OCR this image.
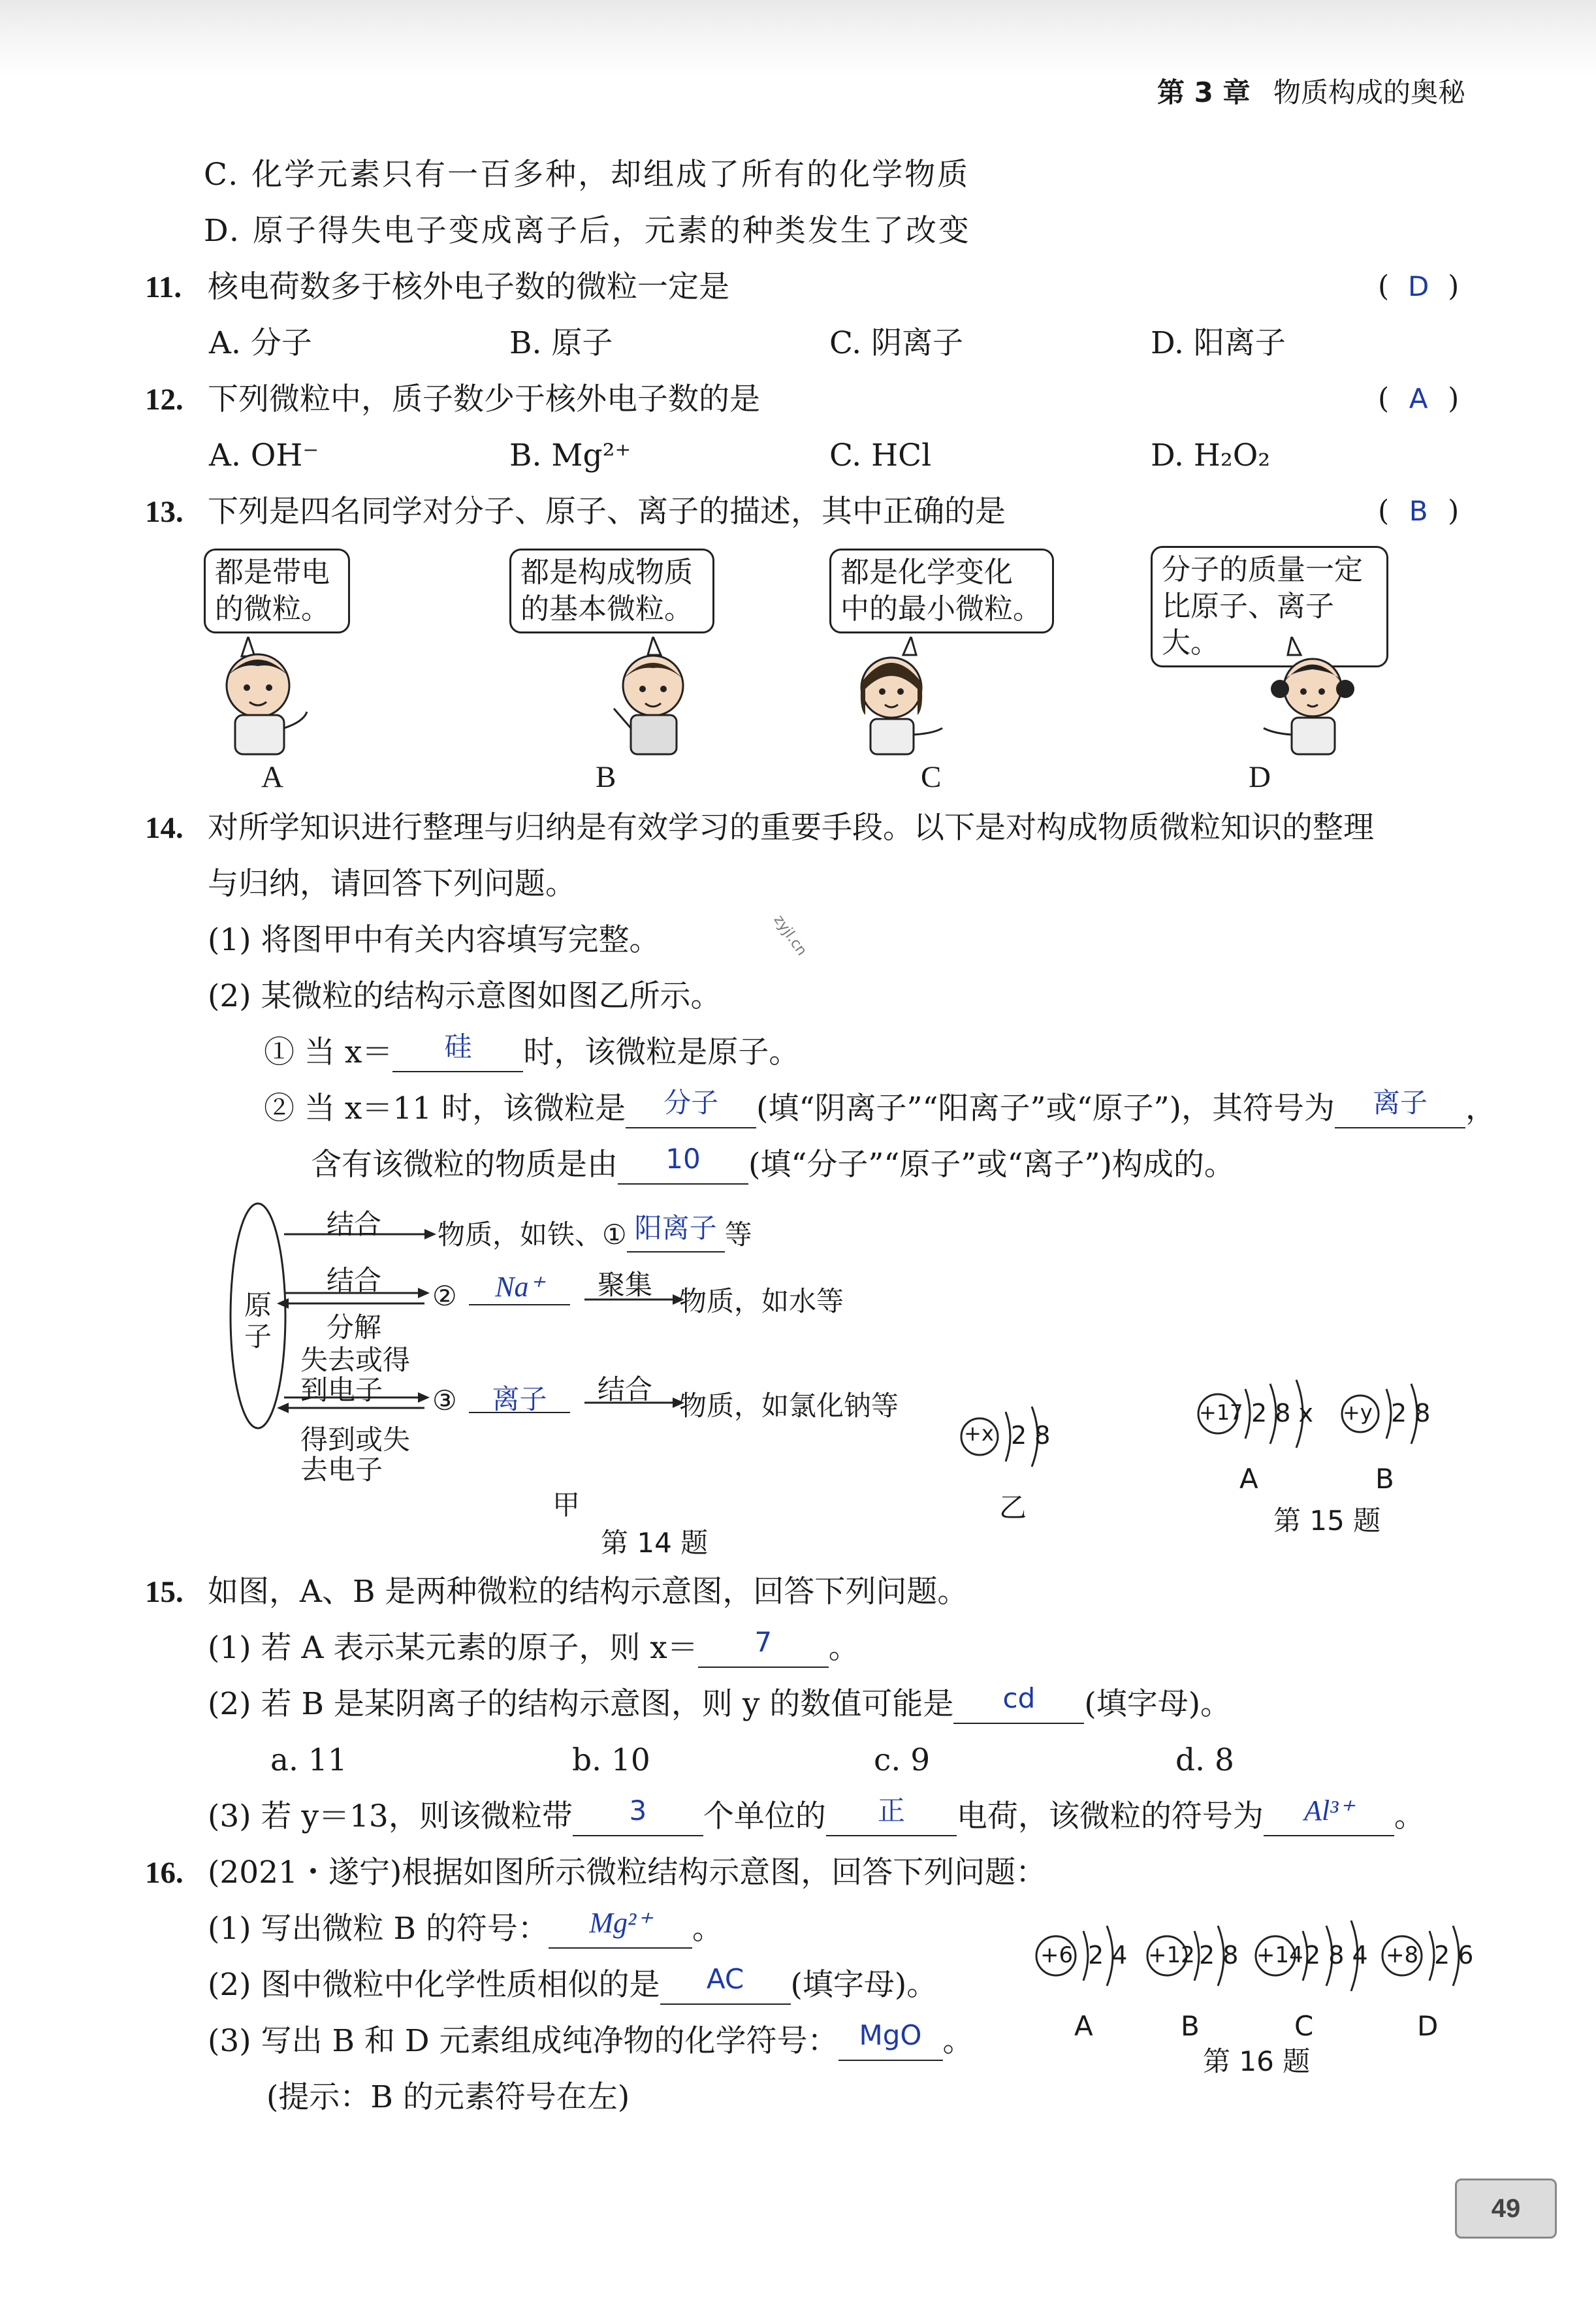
第 3 章 物质构成的奥秘
C. 化学元素只有一百多种，却组成了所有的化学物质
D. 原子得失电子变成离子后，元素的种类发生了改变
11. 核电荷数多于核外电子数的微粒一定是	( D )
A. 分子	B. 原子	C. 阴离子	D. 阳离子
12. 下列微粒中，质子数少于核外电子数的是	( A )
A. OH⁻	B. Mg²⁺	C. HCl	D. H₂O₂
13. 下列是四名同学对分子、原子、离子的描述，其中正确的是	( B )
都是带电
的微粒。
都是构成物质
的基本微粒。
都是化学变化
中的最小微粒。
分子的质量一定
比原子、离子大。
A	B	C	D
14. 对所学知识进行整理与归纳是有效学习的重要手段。以下是对构成物质微粒知识的整理
与归纳，请回答下列问题。
(1) 将图甲中有关内容填写完整。	zyjl.cn
(2) 某微粒的结构示意图如图乙所示。
① 当 x＝ 硅 时，该微粒是原子。
② 当 x＝11 时，该微粒是 分子 (填“阴离子”“阳离子”或“原子”)，其符号为 离子 ，
含有该微粒的物质是由 10 (填“分子”“原子”或“离子”)构成的。
原子
结合 物质，如铁、① 阳离子 等
结合
分解
②	Na⁺	聚集
物质，如水等
失去或得
到电子 ③	离子	结合
物质，如氯化钠等
得到或失
去电子
甲
+x 2 8
乙
第 14 题
+17 2 8 x +y 2 8
A	B
第 15 题
15. 如图，A、B 是两种微粒的结构示意图，回答下列问题。
(1) 若 A 表示某元素的原子，则 x＝ 7 。
(2) 若 B 是某阴离子的结构示意图，则 y 的数值可能是 cd (填字母)。
a. 11	b. 10	c. 9	d. 8
(3) 若 y＝13，则该微粒带 3 个单位的 正 电荷，该微粒的符号为 Al³⁺ 。
16. (2021・遂宁)根据如图所示微粒结构示意图，回答下列问题：
(1) 写出微粒 B 的符号： Mg²⁺ 。
(2) 图中微粒中化学性质相似的是 AC (填字母)。
(3) 写出 B 和 D 元素组成纯净物的化学符号： MgO 。
(提示：B 的元素符号在左)
+6 2 4 +12 2 8 +14 2 8 4 +8 2 6
A	B	C	D
第 16 题
49
